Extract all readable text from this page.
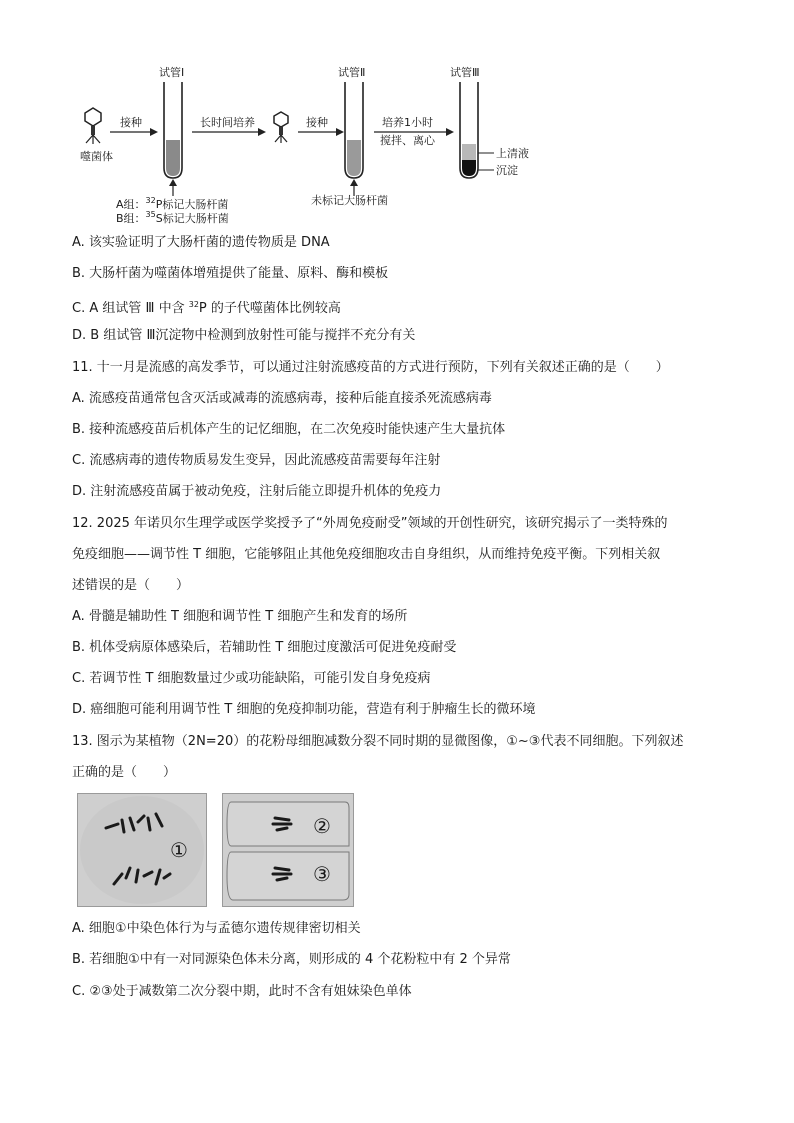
噬菌体
接种
试管Ⅰ
长时间培养	接种
试管Ⅱ
培养1小时
搅拌、离心
试管Ⅲ
上清液
沉淀
A组：$^{32}$P标记大肠杆菌
B组：$^{35}$S标记大肠杆菌
未标记大肠杆菌
A. 该实验证明了大肠杆菌的遗传物质是 DNA
B. 大肠杆菌为噬菌体增殖提供了能量、原料、酶和模板
C. A 组试管 Ⅲ 中含 $^{32}$P 的子代噬菌体比例较高
D. B 组试管 Ⅲ沉淀物中检测到放射性可能与搅拌不充分有关
11. 十一月是流感的高发季节，可以通过注射流感疫苗的方式进行预防，下列有关叙述正确的是（　　）
A. 流感疫苗通常包含灭活或减毒的流感病毒，接种后能直接杀死流感病毒
B. 接种流感疫苗后机体产生的记忆细胞，在二次免疫时能快速产生大量抗体
C. 流感病毒的遗传物质易发生变异，因此流感疫苗需要每年注射
D. 注射流感疫苗属于被动免疫，注射后能立即提升机体的免疫力
12. 2025 年诺贝尔生理学或医学奖授予了“外周免疫耐受”领域的开创性研究，该研究揭示了一类特殊的
免疫细胞——调节性 T 细胞，它能够阻止其他免疫细胞攻击自身组织，从而维持免疫平衡。下列相关叙
述错误的是（　　）
A. 骨髓是辅助性 T 细胞和调节性 T 细胞产生和发育的场所
B. 机体受病原体感染后，若辅助性 T 细胞过度激活可促进免疫耐受
C. 若调节性 T 细胞数量过少或功能缺陷，可能引发自身免疫病
D. 癌细胞可能利用调节性 T 细胞的免疫抑制功能，营造有利于肿瘤生长的微环境
13. 图示为某植物（2N=20）的花粉母细胞减数分裂不同时期的显微图像，①~③代表不同细胞。下列叙述
正确的是（　　）
①
②
③
A. 细胞①中染色体行为与孟德尔遗传规律密切相关
B. 若细胞①中有一对同源染色体未分离，则形成的 4 个花粉粒中有 2 个异常
C. ②③处于减数第二次分裂中期，此时不含有姐妹染色单体
